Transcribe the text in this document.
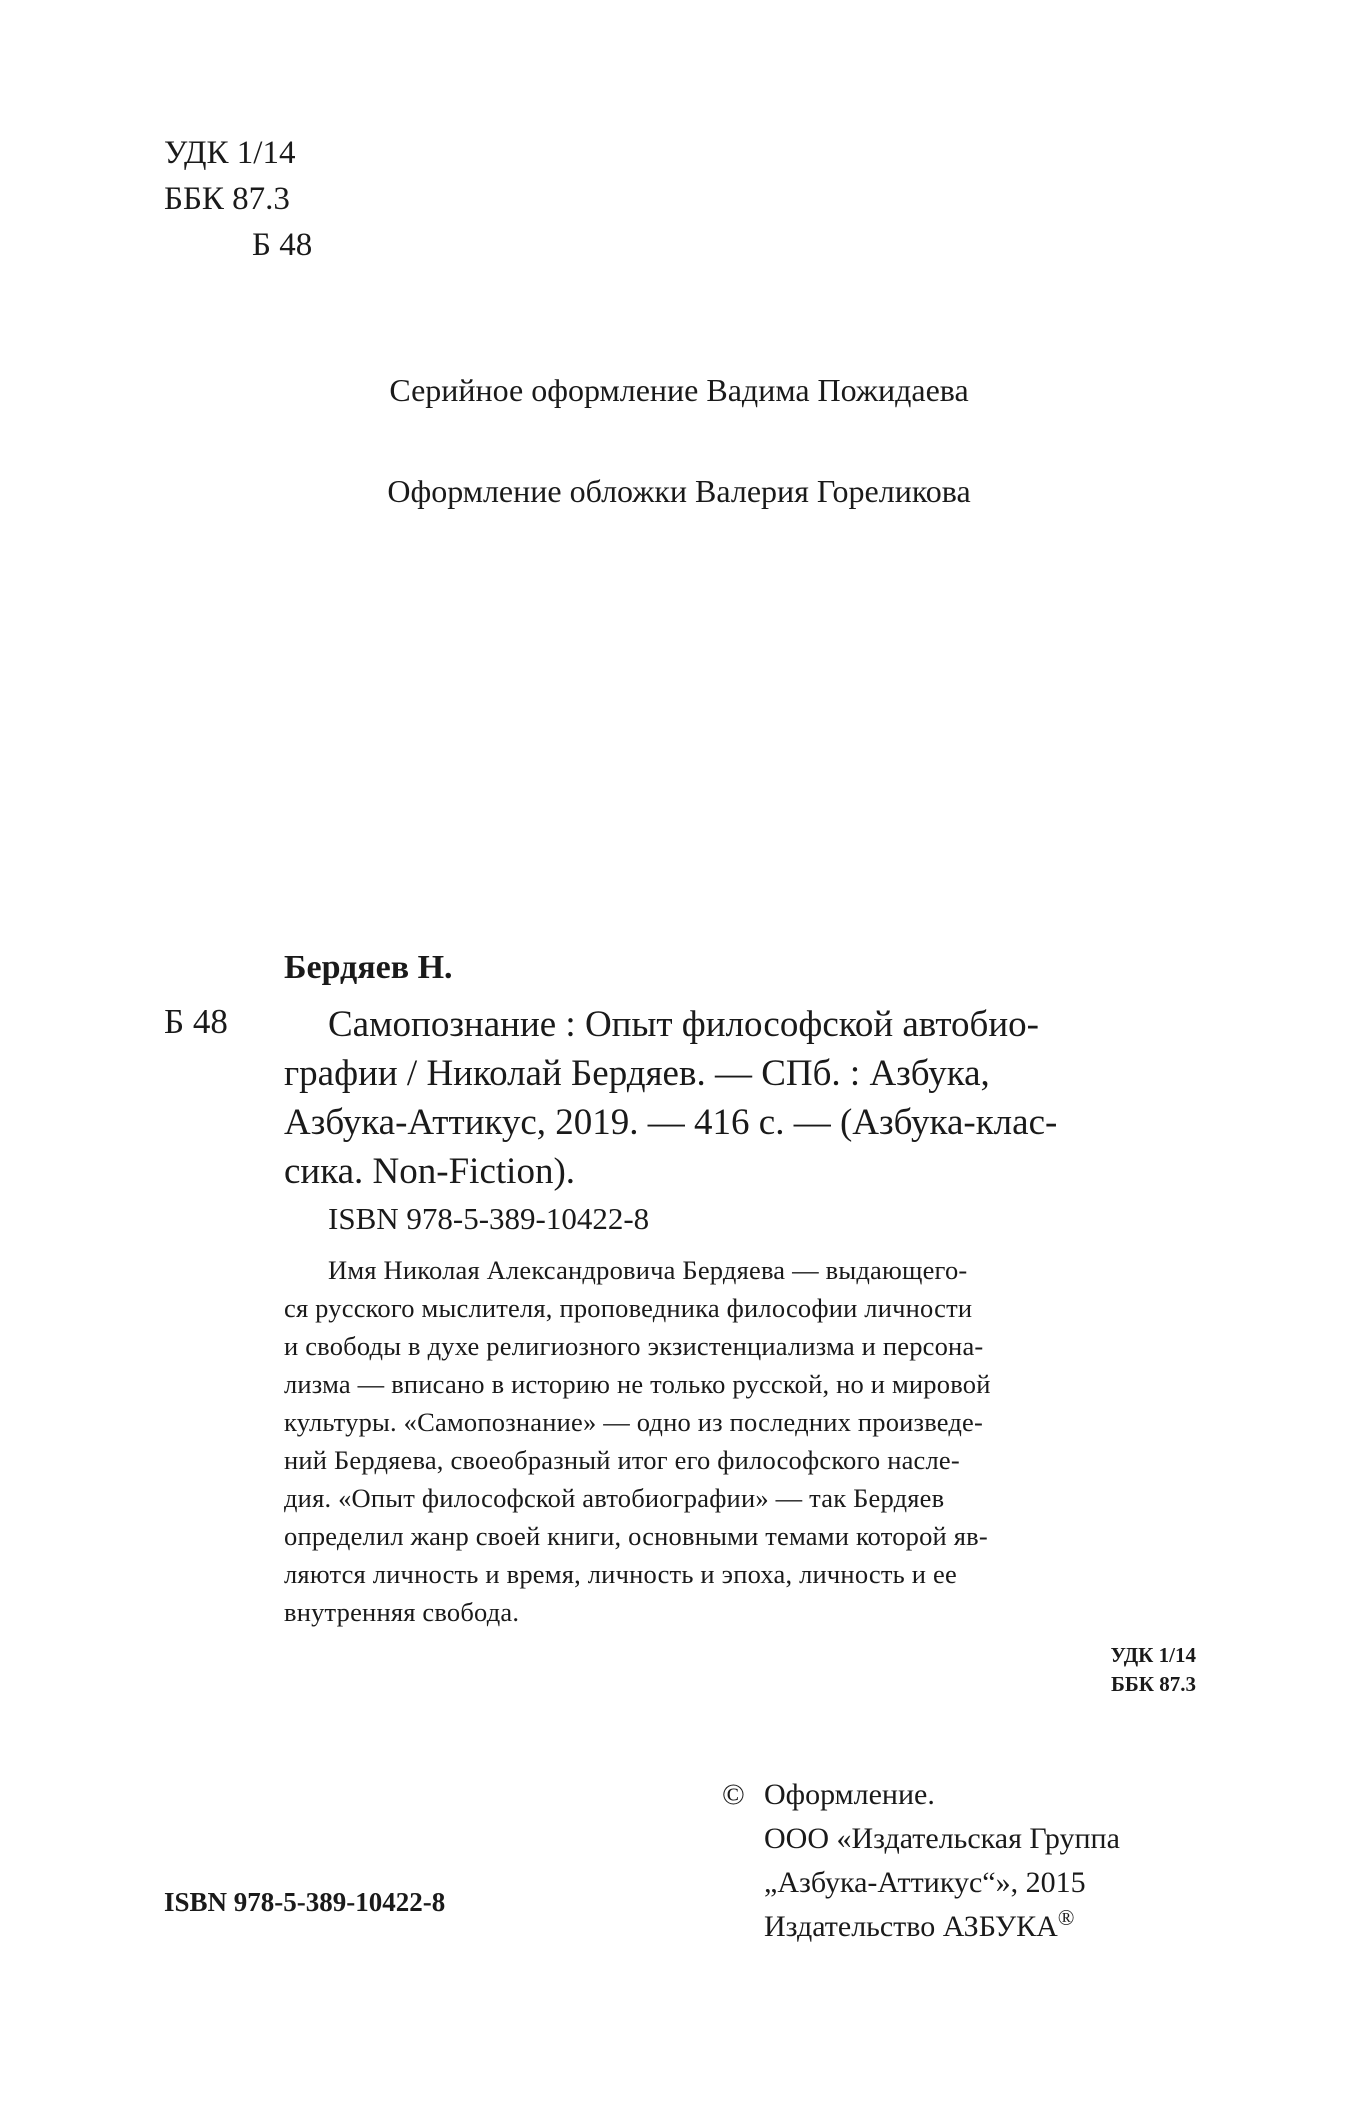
УДК 1/14
ББК 87.3
Б 48
Серийное оформление Вадима Пожидаева
Оформление обложки Валерия Гореликова
Бердяев Н.
Б 48	Самопознание : Опыт философской автобио-
графии / Николай Бердяев. — СПб. : Азбука,
Азбука-Аттикус, 2019. — 416 с. — (Азбука-клас-
сика. Non-Fiction).
ISBN 978-5-389-10422-8
Имя Николая Александровича Бердяева — выдающего-
ся русского мыслителя, проповедника философии личности
и свободы в духе религиозного экзистенциализма и персона-
лизма — вписано в историю не только русской, но и мировой
культуры. «Самопознание» — одно из последних произведе-
ний Бердяева, своеобразный итог его философского насле-
дия. «Опыт философской автобиографии» — так Бердяев
определил жанр своей книги, основными темами которой яв-
ляются личность и время, личность и эпоха, личность и ее
внутренняя свобода.
УДК 1/14
ББК 87.3
ISBN 978-5-389-10422-8
© Оформление.
ООО «Издательская Группа
„Азбука-Аттикус“», 2015
Издательство АЗБУКА®
